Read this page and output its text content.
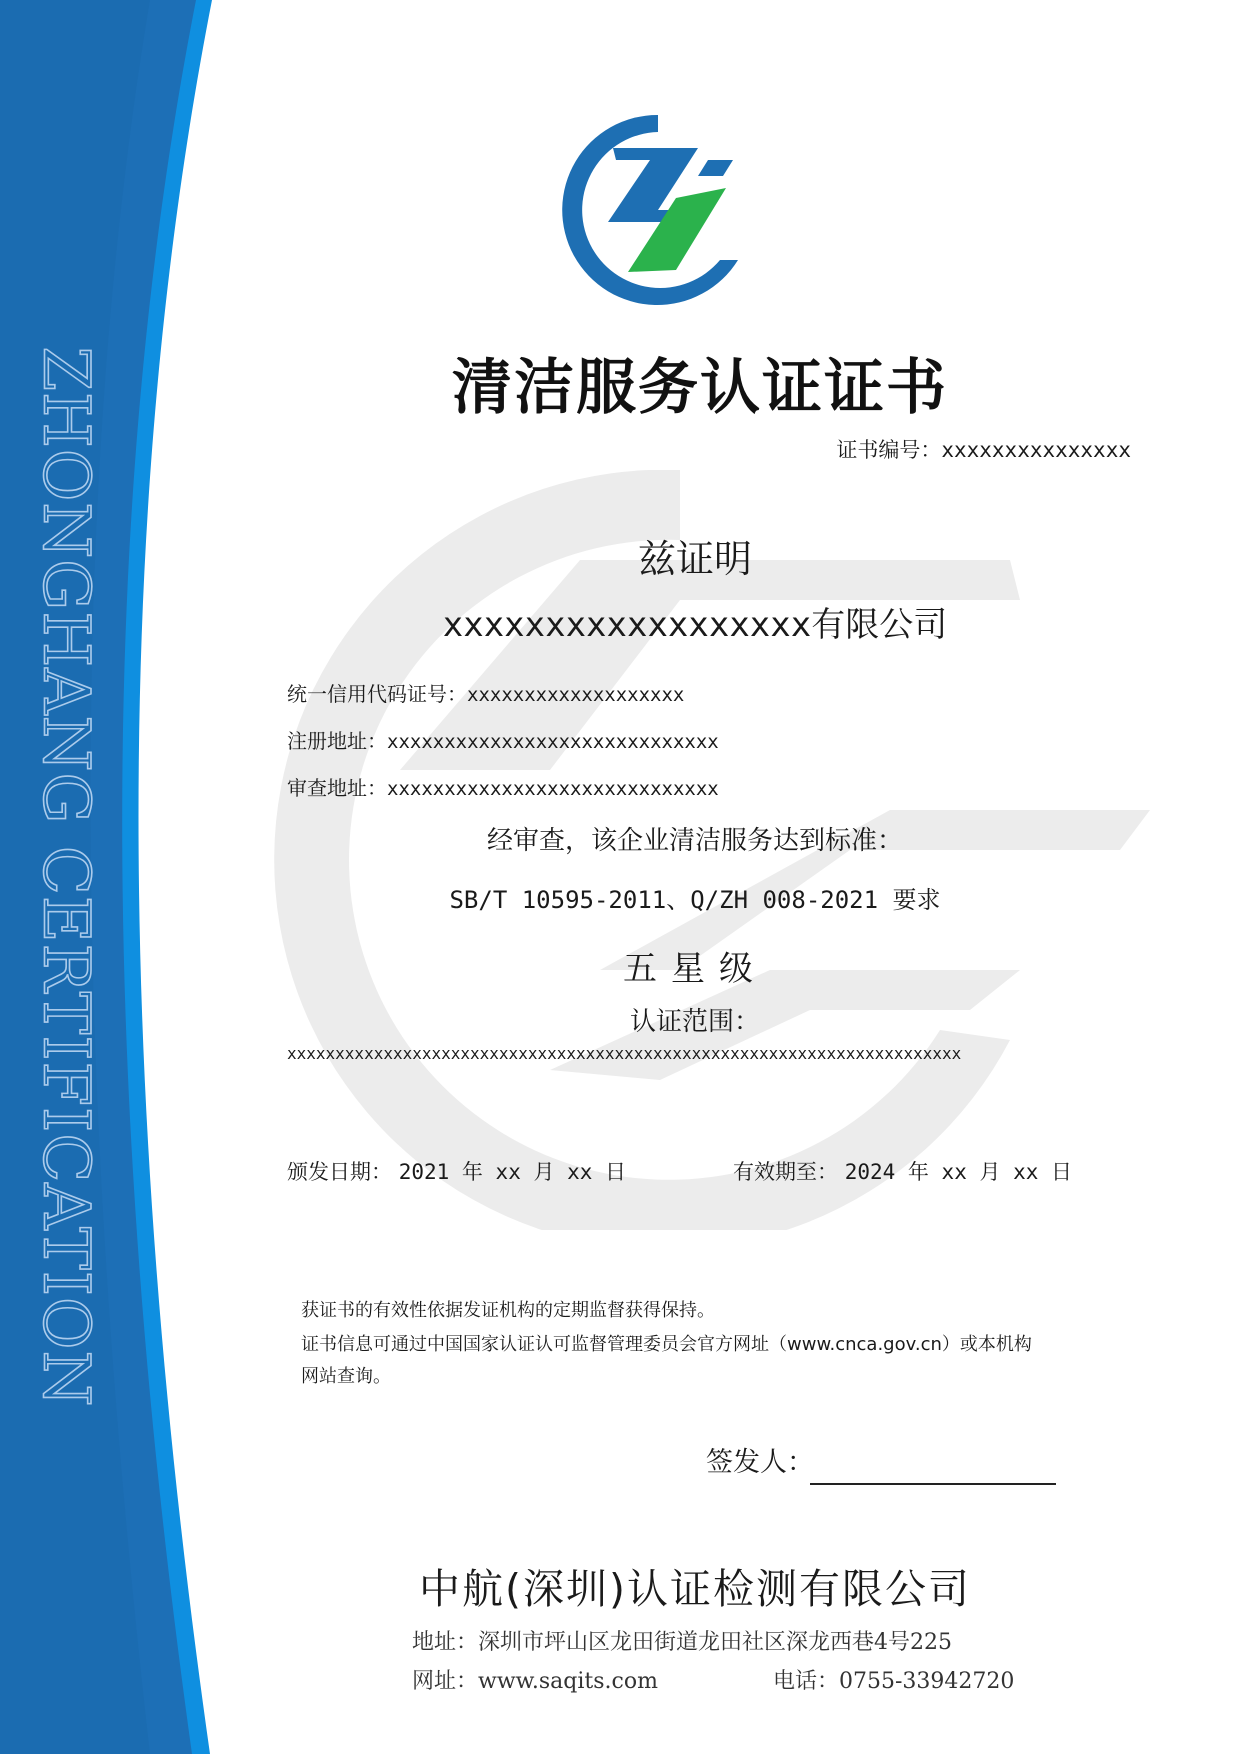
ZHONGHANG CERTIFICATION	清洁服务认证证书
证书编号：xxxxxxxxxxxxxxx
兹证明
xxxxxxxxxxxxxxxxxx有限公司
统一信用代码证号：xxxxxxxxxxxxxxxxxxx
注册地址：xxxxxxxxxxxxxxxxxxxxxxxxxxxxx
审查地址：xxxxxxxxxxxxxxxxxxxxxxxxxxxxx
经审查，该企业清洁服务达到标准：
SB/T 10595-2011、Q/ZH 008-2021 要求
五星级
认证范围：
xxxxxxxxxxxxxxxxxxxxxxxxxxxxxxxxxxxxxxxxxxxxxxxxxxxxxxxxxxxxxxxxxxxxxx
颁发日期： 2021 年 xx 月 xx 日	有效期至： 2024 年 xx 月 xx 日
获证书的有效性依据发证机构的定期监督获得保持。
证书信息可通过中国国家认证认可监督管理委员会官方网址（www.cnca.gov.cn）或本机构
网站查询。
签发人：
中航(深圳)认证检测有限公司
地址：深圳市坪山区龙田街道龙田社区深龙西巷4号225
网址：www.saqits.com	电话：0755-33942720
